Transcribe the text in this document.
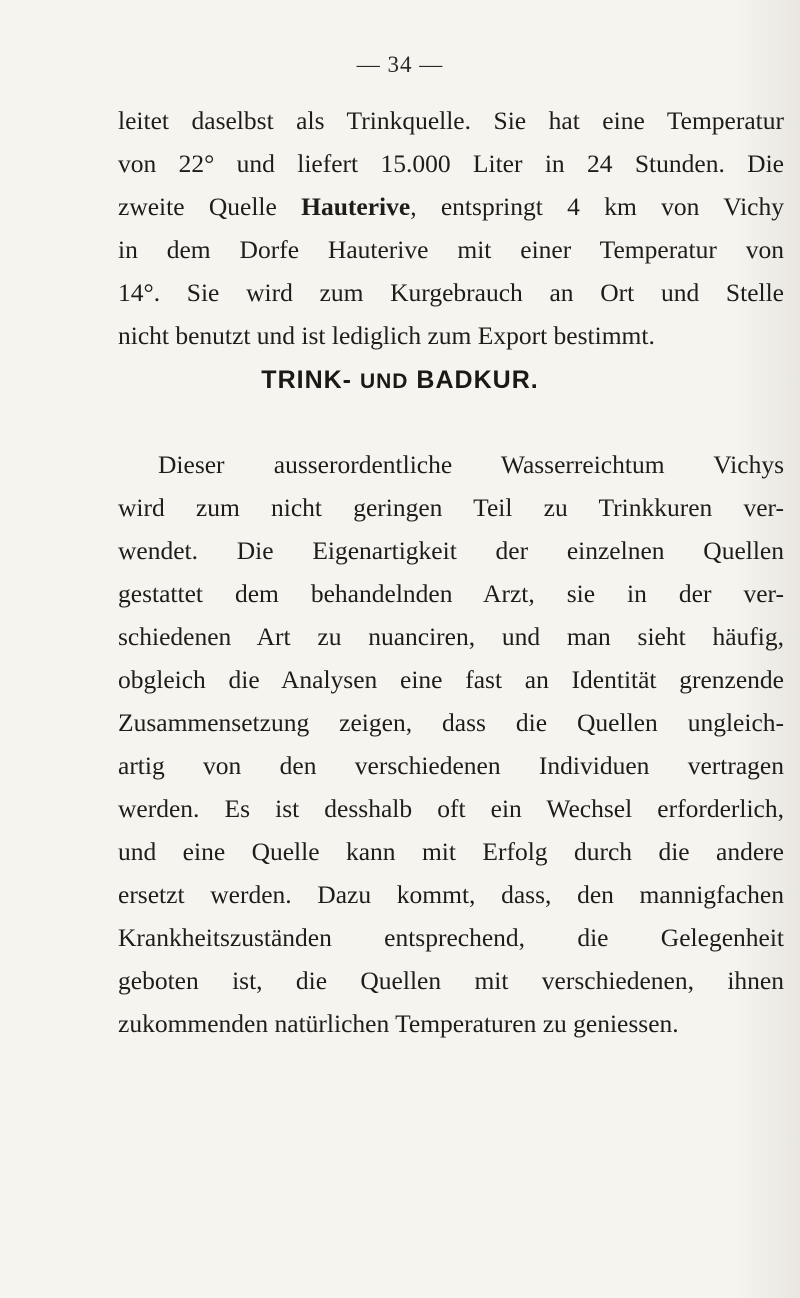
— 34 —
leitet daselbst als Trinkquelle. Sie hat eine Temperatur
von 22° und liefert 15.000 Liter in 24 Stunden. Die
zweite Quelle Hauterive, entspringt 4 km von Vichy
in dem Dorfe Hauterive mit einer Temperatur von
14°. Sie wird zum Kurgebrauch an Ort und Stelle
nicht benutzt und ist lediglich zum Export bestimmt.
TRINK- UND BADKUR.
Dieser ausserordentliche Wasserreichtum Vichys
wird zum nicht geringen Teil zu Trinkkuren ver-
wendet. Die Eigenartigkeit der einzelnen Quellen
gestattet dem behandelnden Arzt, sie in der ver-
schiedenen Art zu nuanciren, und man sieht häufig,
obgleich die Analysen eine fast an Identität grenzende
Zusammensetzung zeigen, dass die Quellen ungleich-
artig von den verschiedenen Individuen vertragen
werden. Es ist desshalb oft ein Wechsel erforderlich,
und eine Quelle kann mit Erfolg durch die andere
ersetzt werden. Dazu kommt, dass, den mannigfachen
Krankheitszuständen entsprechend, die Gelegenheit
geboten ist, die Quellen mit verschiedenen, ihnen
zukommenden natürlichen Temperaturen zu geniessen.
